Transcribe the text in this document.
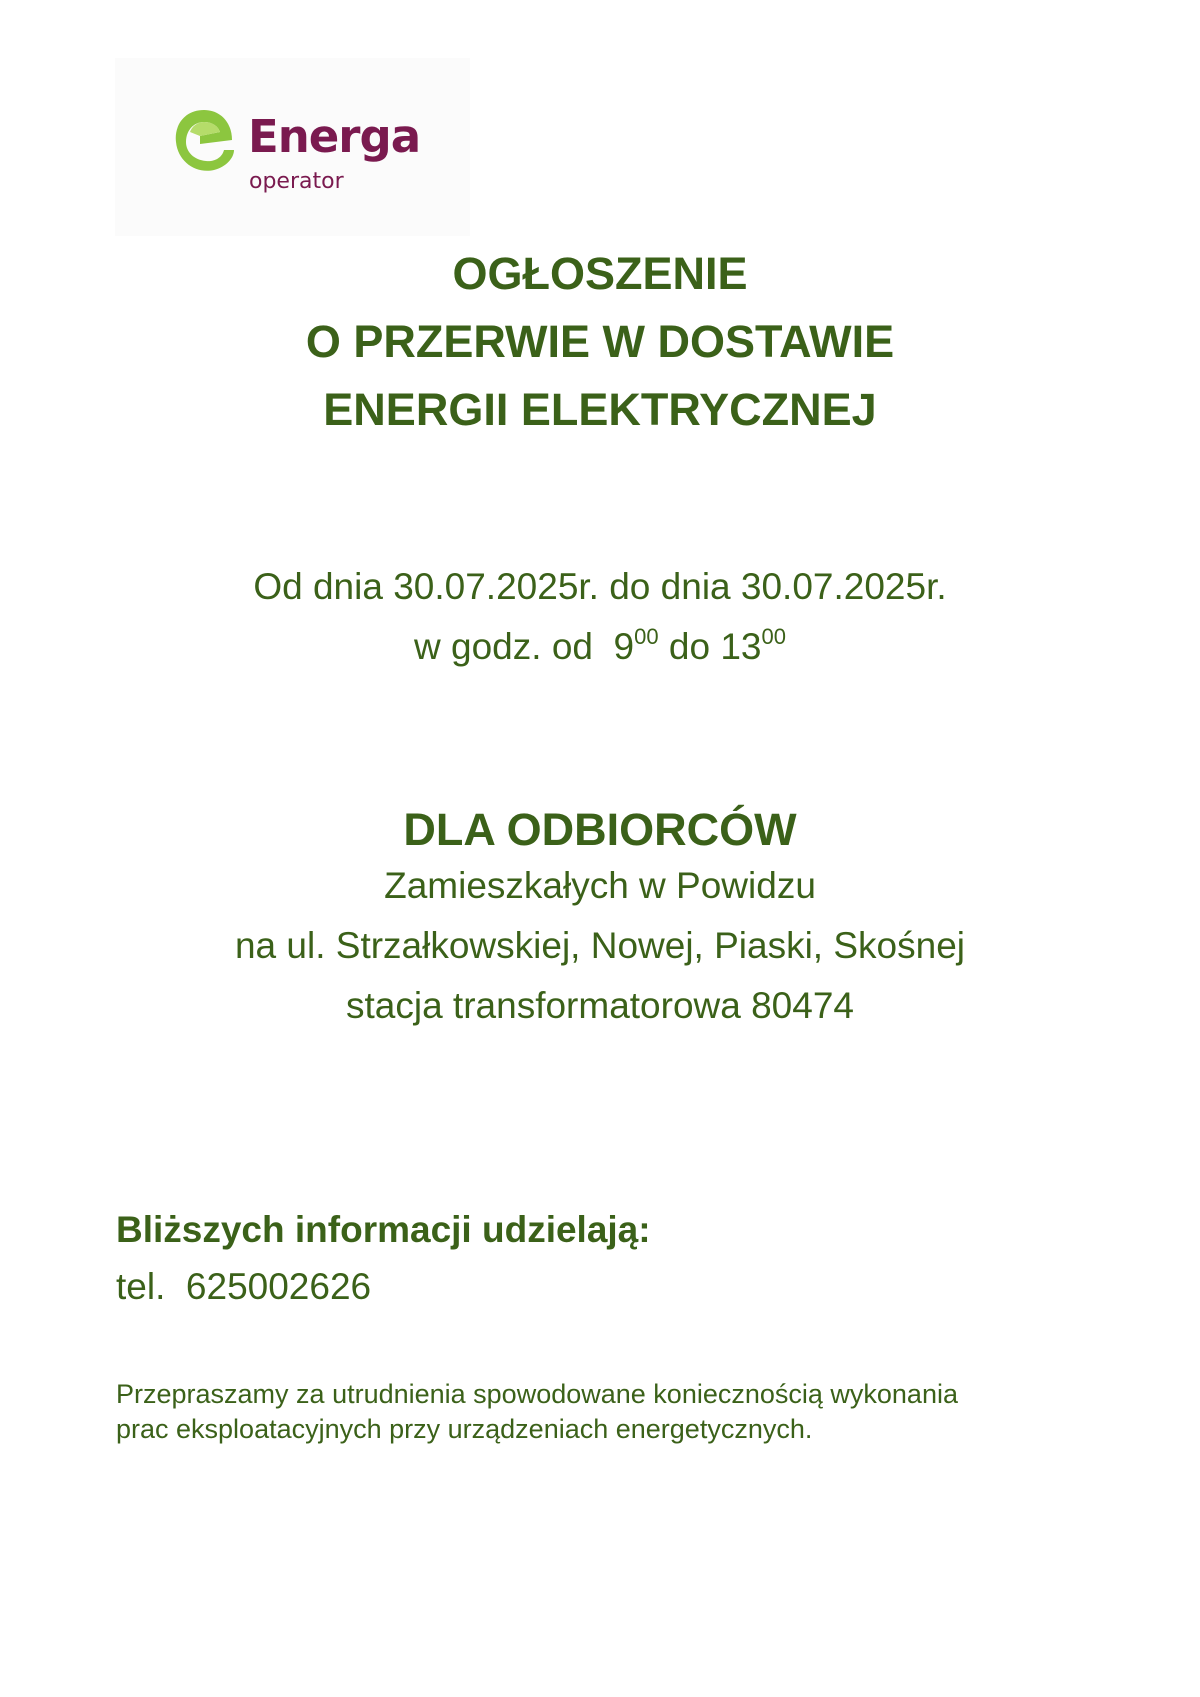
Energa
operator
OGŁOSZENIE
O PRZERWIE W DOSTAWIE
ENERGII ELEKTRYCZNEJ
Od dnia 30.07.2025r. do dnia 30.07.2025r.
w godz. od  $9^{00}$ do $13^{00}$
DLA ODBIORCÓW
Zamieszkałych w Powidzu
na ul. Strzałkowskiej, Nowej, Piaski, Skośnej
stacja transformatorowa 80474
Bliższych informacji udzielają:
tel.  625002626
Przepraszamy za utrudnienia spowodowane koniecznością wykonania
prac eksploatacyjnych przy urządzeniach energetycznych.
